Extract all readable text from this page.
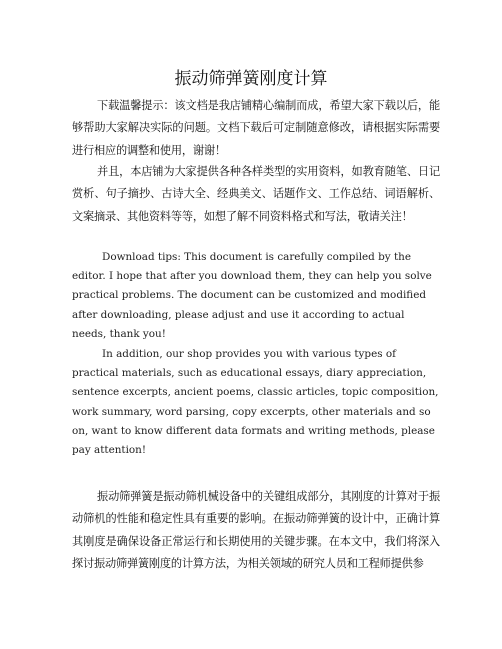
振动筛弹簧刚度计算

下载温馨提示：该文档是我店铺精心编制而成，希望大家下载以后，能够帮助大家解决实际的问题。文档下载后可定制随意修改，请根据实际需要进行相应的调整和使用，谢谢！

并且，本店铺为大家提供各种各样类型的实用资料，如教育随笔、日记赏析、句子摘抄、古诗大全、经典美文、话题作文、工作总结、词语解析、文案摘录、其他资料等等，如想了解不同资料格式和写法，敬请关注！

Download tips: This document is carefully compiled by the editor. I hope that after you download them, they can help you solve practical problems. The document can be customized and modified after downloading, please adjust and use it according to actual needs, thank you!

In addition, our shop provides you with various types of practical materials, such as educational essays, diary appreciation, sentence excerpts, ancient poems, classic articles, topic composition, work summary, word parsing, copy excerpts, other materials and so on, want to know different data formats and writing methods, please pay attention!

振动筛弹簧是振动筛机械设备中的关键组成部分，其刚度的计算对于振动筛机的性能和稳定性具有重要的影响。在振动筛弹簧的设计中，正确计算其刚度是确保设备正常运行和长期使用的关键步骤。在本文中，我们将深入探讨振动筛弹簧刚度的计算方法，为相关领域的研究人员和工程师提供参
